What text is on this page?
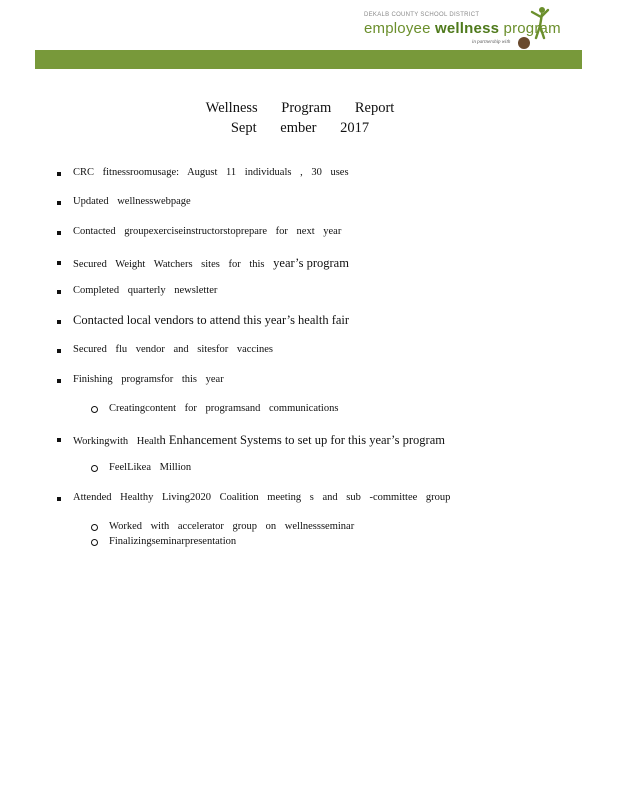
DEKALB COUNTY SCHOOL DISTRICT
employee wellness program
in partnership with
Wellness Program Report
Sept ember 2017
CRC fitnessroomusage: August 11 individuals , 30 uses
Updated wellnesswebpage
Contacted groupexerciseinstructorstoprepare for next year
Secured Weight Watchers sites for this year’s program
Completed quarterly newsletter
Contacted local vendors to attend this year’s health fair
Secured flu vendor and sitesfor vaccines
Finishing programsfor this year
Creatingcontent for programsand communications
Workingwith Health Enhancement Systems to set up for this year’s program
FeelLikea Million
Attended Healthy Living2020 Coalition meeting s and sub -committee group
Worked with accelerator group on wellnessseminar
Finalizingseminarpresentation
